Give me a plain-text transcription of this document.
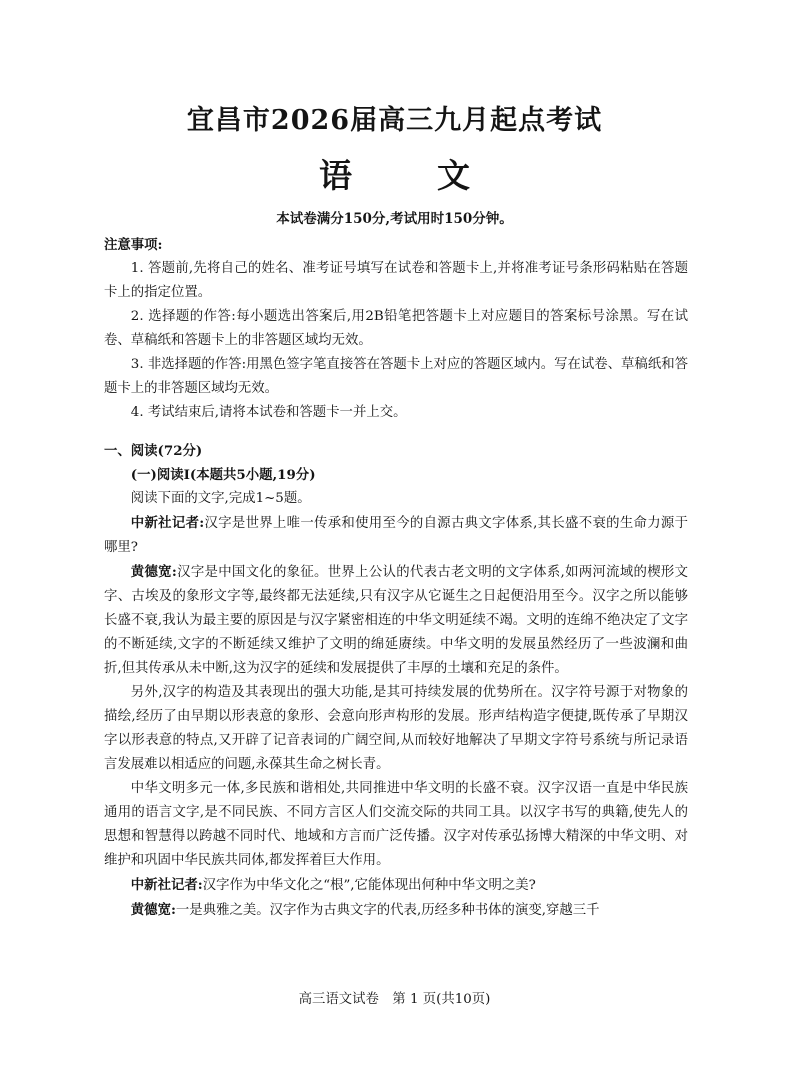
宜昌市2026届高三九月起点考试
语　文
本试卷满分150分,考试用时150分钟。

注意事项:

1. 答题前,先将自己的姓名、准考证号填写在试卷和答题卡上,并将准考证号条形码粘贴在答题卡上的指定位置。

2. 选择题的作答:每小题选出答案后,用2B铅笔把答题卡上对应题目的答案标号涂黑。写在试卷、草稿纸和答题卡上的非答题区域均无效。

3. 非选择题的作答:用黑色签字笔直接答在答题卡上对应的答题区域内。写在试卷、草稿纸和答题卡上的非答题区域均无效。

4. 考试结束后,请将本试卷和答题卡一并上交。

一、阅读(72分)

(一)阅读Ⅰ(本题共5小题,19分)

阅读下面的文字,完成1~5题。

中新社记者:汉字是世界上唯一传承和使用至今的自源古典文字体系,其长盛不衰的生命力源于哪里?

黄德宽:汉字是中国文化的象征。世界上公认的代表古老文明的文字体系,如两河流域的楔形文字、古埃及的象形文字等,最终都无法延续,只有汉字从它诞生之日起便沿用至今。汉字之所以能够长盛不衰,我认为最主要的原因是与汉字紧密相连的中华文明延续不竭。文明的连绵不绝决定了文字的不断延续,文字的不断延续又维护了文明的绵延赓续。中华文明的发展虽然经历了一些波澜和曲折,但其传承从未中断,这为汉字的延续和发展提供了丰厚的土壤和充足的条件。

另外,汉字的构造及其表现出的强大功能,是其可持续发展的优势所在。汉字符号源于对物象的描绘,经历了由早期以形表意的象形、会意向形声构形的发展。形声结构造字便捷,既传承了早期汉字以形表意的特点,又开辟了记音表词的广阔空间,从而较好地解决了早期文字符号系统与所记录语言发展难以相适应的问题,永葆其生命之树长青。

中华文明多元一体,多民族和谐相处,共同推进中华文明的长盛不衰。汉字汉语一直是中华民族通用的语言文字,是不同民族、不同方言区人们交流交际的共同工具。以汉字书写的典籍,使先人的思想和智慧得以跨越不同时代、地域和方言而广泛传播。汉字对传承弘扬博大精深的中华文明、对维护和巩固中华民族共同体,都发挥着巨大作用。

中新社记者:汉字作为中华文化之“根”,它能体现出何种中华文明之美?

黄德宽:一是典雅之美。汉字作为古典文字的代表,历经多种书体的演变,穿越三千

高三语文试卷　第 1 页(共10页)
